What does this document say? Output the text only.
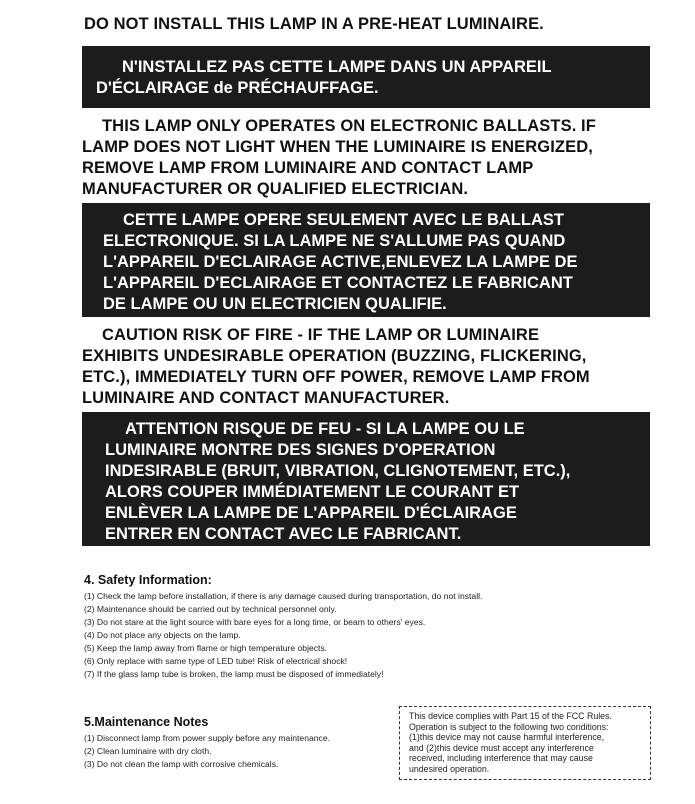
DO NOT INSTALL THIS LAMP IN A PRE-HEAT LUMINAIRE.
N'INSTALLEZ PAS CETTE LAMPE DANS UN APPAREIL
D'ÉCLAIRAGE de PRÉCHAUFFAGE.
THIS LAMP ONLY OPERATES ON ELECTRONIC BALLASTS. IF
LAMP DOES NOT LIGHT WHEN THE LUMINAIRE IS ENERGIZED,
REMOVE LAMP FROM LUMINAIRE AND CONTACT LAMP
MANUFACTURER OR QUALIFIED ELECTRICIAN.
CETTE LAMPE OPERE SEULEMENT AVEC LE BALLAST
ELECTRONIQUE. SI LA LAMPE NE S'ALLUME PAS QUAND
L'APPAREIL D'ECLAIRAGE ACTIVE,ENLEVEZ LA LAMPE DE
L'APPAREIL D'ECLAIRAGE ET CONTACTEZ LE FABRICANT
DE LAMPE OU UN ELECTRICIEN QUALIFIE.
CAUTION RISK OF FIRE - IF THE LAMP OR LUMINAIRE
EXHIBITS UNDESIRABLE OPERATION (BUZZING, FLICKERING,
ETC.), IMMEDIATELY TURN OFF POWER, REMOVE LAMP FROM
LUMINAIRE AND CONTACT MANUFACTURER.
ATTENTION RISQUE DE FEU - SI LA LAMPE OU LE
LUMINAIRE MONTRE DES SIGNES D'OPERATION
INDESIRABLE (BRUIT, VIBRATION, CLIGNOTEMENT, ETC.),
ALORS COUPER IMMÉDIATEMENT LE COURANT ET
ENLÈVER LA LAMPE DE L'APPAREIL D'ÉCLAIRAGE
ENTRER EN CONTACT AVEC LE FABRICANT.
4. Safety Information:
(1) Check the lamp before installation, if there is any damage caused during transportation, do not install.
(2) Maintenance should be carried out by technical personnel only.
(3) Do not stare at the light source with bare eyes for a long time, or beam to others' eyes.
(4) Do not place any objects on the lamp.
(5) Keep the lamp away from flame or high temperature objects.
(6) Only replace with same type of LED tube! Risk of electrical shock!
(7) If the glass lamp tube is broken, the lamp must be disposed of immediately!
5.Maintenance Notes
(1) Disconnect lamp from power supply before any maintenance.
(2) Clean luminaire with dry cloth.
(3) Do not clean the lamp with corrosive chemicals.
This device complies with Part 15 of the FCC Rules.
Operation is subject to the following two conditions:
(1)this device may not cause harmful interference,
and (2)this device must accept any interference
received, including interference that may cause
undesired operation.
